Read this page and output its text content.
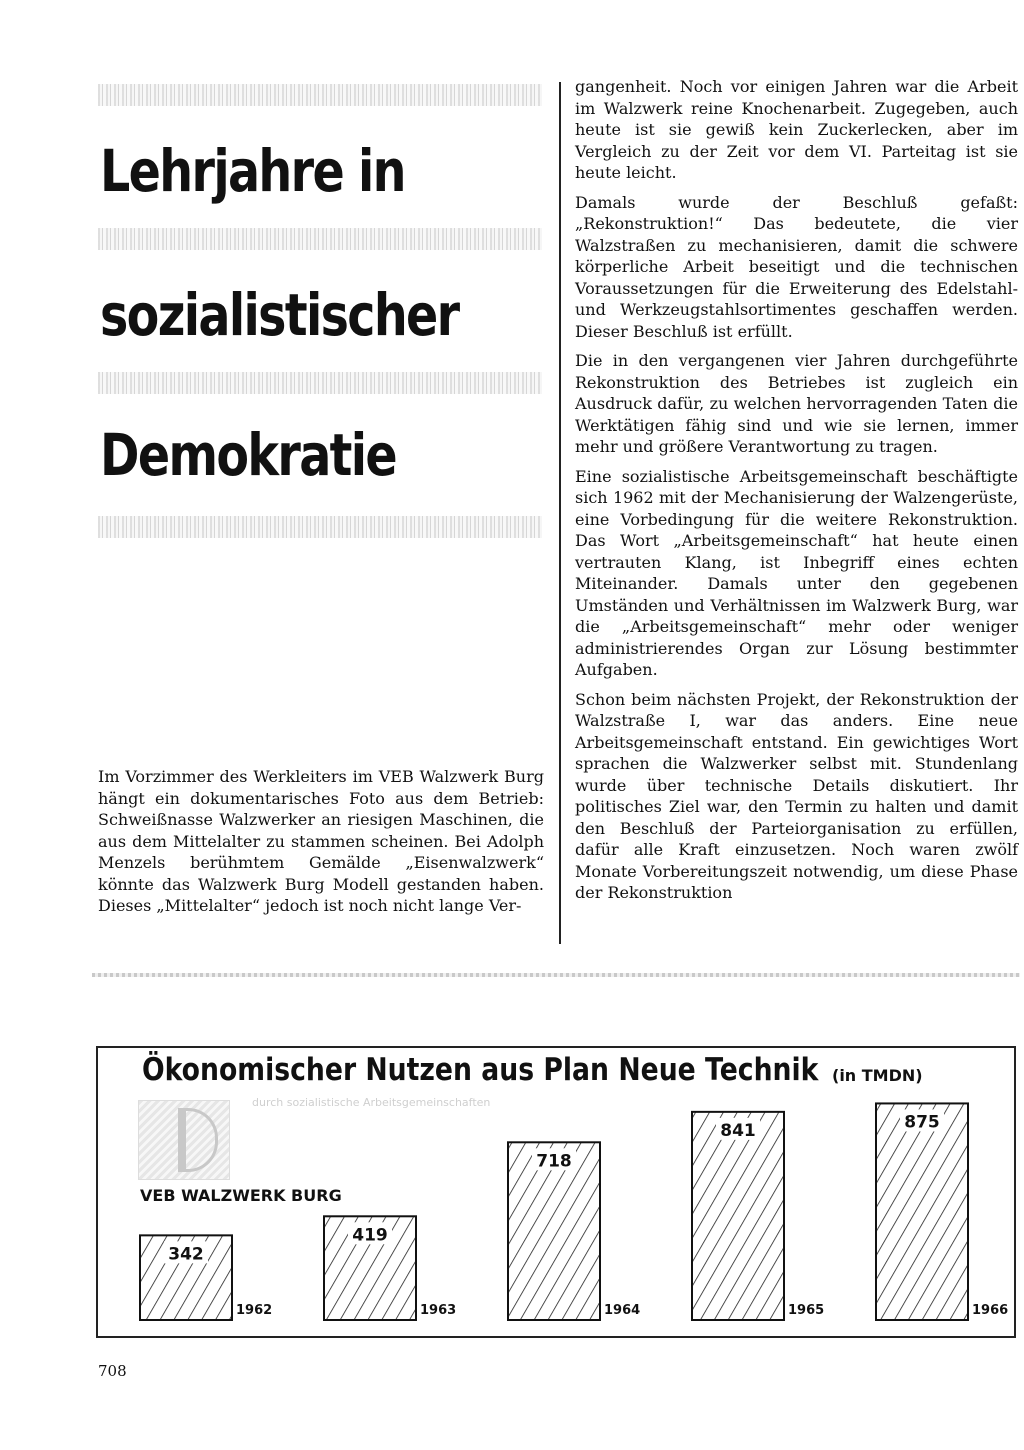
Lehrjahre in
sozialistischer
Demokratie

Im Vorzimmer des Werkleiters im VEB Walzwerk Burg hängt ein dokumentarisches Foto aus dem Betrieb: Schweißnasse Walzwerker an riesigen Maschinen, die aus dem Mittelalter zu stammen scheinen. Bei Adolph Menzels berühmtem Gemälde „Eisenwalzwerk“ könnte das Walzwerk Burg Modell gestanden haben. Dieses „Mittelalter“ jedoch ist noch nicht lange Ver-

gangenheit. Noch vor einigen Jahren war die Arbeit im Walzwerk reine Knochenarbeit. Zugegeben, auch heute ist sie gewiß kein Zuckerlecken, aber im Vergleich zu der Zeit vor dem VI. Parteitag ist sie heute leicht.

Damals wurde der Beschluß gefaßt: „Rekonstruktion!“ Das bedeutete, die vier Walzstraßen zu mechanisieren, damit die schwere körperliche Arbeit beseitigt und die technischen Voraussetzungen für die Erweiterung des Edelstahl- und Werkzeugstahlsortimentes geschaffen werden. Dieser Beschluß ist erfüllt.

Die in den vergangenen vier Jahren durchgeführte Rekonstruktion des Betriebes ist zugleich ein Ausdruck dafür, zu welchen hervorragenden Taten die Werktätigen fähig sind und wie sie lernen, immer mehr und größere Verantwortung zu tragen.

Eine sozialistische Arbeitsgemeinschaft beschäftigte sich 1962 mit der Mechanisierung der Walzengerüste, eine Vorbedingung für die weitere Rekonstruktion. Das Wort „Arbeitsgemeinschaft“ hat heute einen vertrauten Klang, ist Inbegriff eines echten Miteinander. Damals unter den gegebenen Umständen und Verhältnissen im Walzwerk Burg, war die „Arbeitsgemeinschaft“ mehr oder weniger administrierendes Organ zur Lösung bestimmter Aufgaben.

Schon beim nächsten Projekt, der Rekonstruktion der Walzstraße I, war das anders. Eine neue Arbeitsgemeinschaft entstand. Ein gewichtiges Wort sprachen die Walzwerker selbst mit. Stundenlang wurde über technische Details diskutiert. Ihr politisches Ziel war, den Termin zu halten und damit den Beschluß der Parteiorganisation zu erfüllen, dafür alle Kraft einzusetzen. Noch waren zwölf Monate Vorbereitungszeit notwendig, um diese Phase der Rekonstruktion

Ökonomischer Nutzen aus Plan Neue Technik (in TMDN)
durch sozialistische Arbeitsgemeinschaften
VEB WALZWERK BURG
342
1962
419
1963
718
1964
841
1965
875
1966
708
